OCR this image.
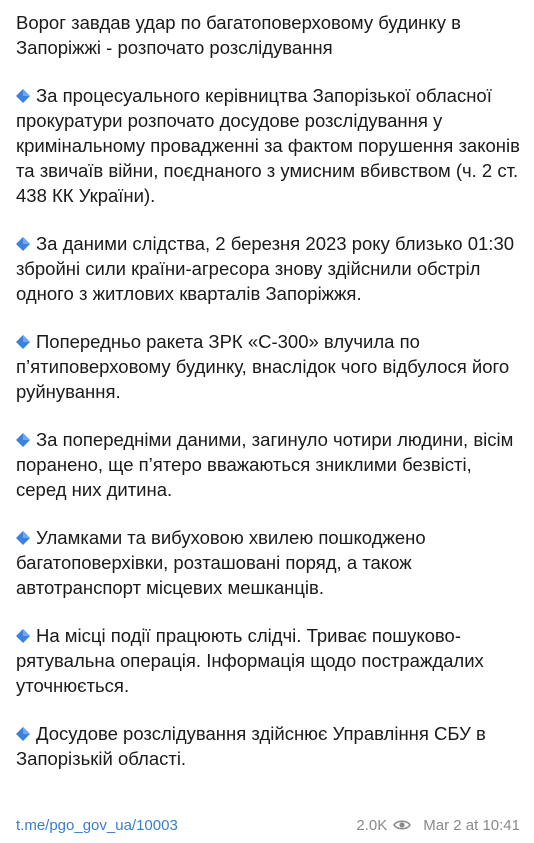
Ворог завдав удар по багатоповерховому будинку в Запоріжжі - розпочато розслідування
За процесуального керівництва Запорізької обласної прокуратури розпочато досудове розслідування у кримінальному провадженні за фактом порушення законів та звичаїв війни, поєднаного з умисним вбивством (ч. 2 ст. 438 КК України).
За даними слідства, 2 березня 2023 року близько 01:30 збройні сили країни-агресора знову здійснили обстріл одного з житлових кварталів Запоріжжя.
Попередньо ракета ЗРК «С-300» влучила по п’ятиповерховому будинку, внаслідок чого відбулося його руйнування.
За попередніми даними, загинуло чотири людини, вісім поранено, ще п’ятеро вважаються зниклими безвісті, серед них дитина.
Уламками та вибуховою хвилею пошкоджено багатоповерхівки, розташовані поряд, а також автотранспорт місцевих мешканців.
На місці події працюють слідчі. Триває пошуково-рятувальна операція. Інформація щодо постраждалих уточнюється.
Досудове розслідування здійснює Управління СБУ в Запорізькій області.
t.me/pgo_gov_ua/10003	2.0K Mar 2 at 10:41
